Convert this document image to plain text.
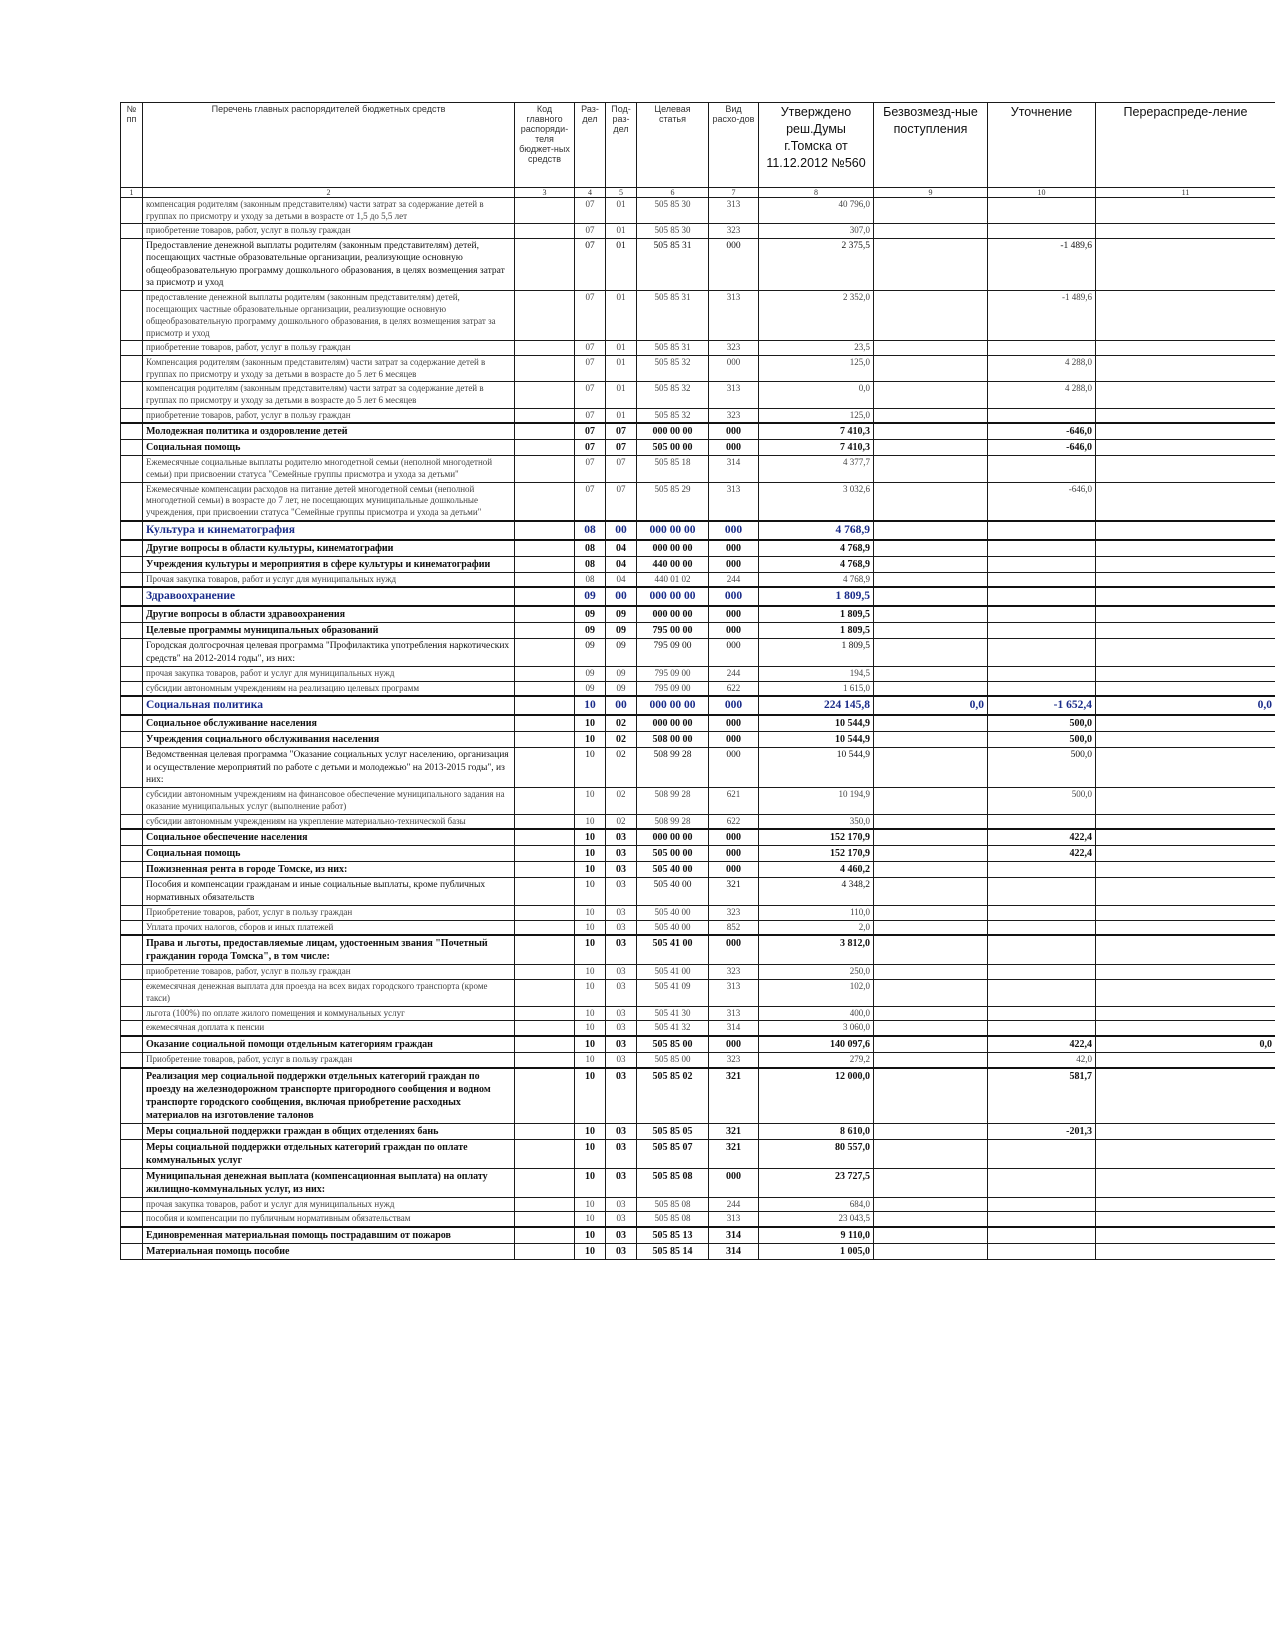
№ пп	Перечень главных распорядителей бюджетных средств	Код главного распоряди-теля бюджет-ных средств	Раз-дел	Под-раз-дел	Целевая статья	Вид расхо-дов	Утверждено реш.Думы г.Томска от 11.12.2012 №560	Безвозмезд-ные поступления	Уточнение	Перераспреде-ление
1	2	3	4	5	6	7	8	9	10	11
	компенсация родителям (законным представителям) части затрат за содержание детей в группах по присмотру и уходу за детьми в возрасте от 1,5 до 5,5 лет		07	01	505 85 30	313	40 796,0			
	приобретение товаров, работ, услуг в пользу граждан		07	01	505 85 30	323	307,0			
	Предоставление денежной выплаты родителям (законным представителям) детей, посещающих частные образовательные организации, реализующие основную общеобразовательную программу дошкольного образования, в целях возмещения затрат за присмотр и уход		07	01	505 85 31	000	2 375,5		-1 489,6	
	предоставление денежной выплаты родителям (законным представителям) детей, посещающих частные образовательные организации, реализующие основную общеобразовательную программу дошкольного образования, в целях возмещения затрат за присмотр и уход		07	01	505 85 31	313	2 352,0		-1 489,6	
	приобретение товаров, работ, услуг в пользу граждан		07	01	505 85 31	323	23,5			
	Компенсация родителям (законным представителям) части затрат за содержание детей в группах по присмотру и уходу за детьми в возрасте до 5 лет 6 месяцев		07	01	505 85 32	000	125,0		4 288,0	
	компенсация родителям (законным представителям) части затрат за содержание детей в группах по присмотру и уходу за детьми в возрасте до 5 лет 6 месяцев		07	01	505 85 32	313	0,0		4 288,0	
	приобретение товаров, работ, услуг в пользу граждан		07	01	505 85 32	323	125,0			
	Молодежная политика и оздоровление детей		07	07	000 00 00	000	7 410,3		-646,0	
	Социальная помощь		07	07	505 00 00	000	7 410,3		-646,0	
	Ежемесячные социальные выплаты родителю многодетной семьи (неполной многодетной семьи) при присвоении статуса "Семейные группы присмотра и ухода за детьми"		07	07	505 85 18	314	4 377,7			
	Ежемесячные компенсации расходов на питание детей многодетной семьи (неполной многодетной семьи) в возрасте до 7 лет, не посещающих муниципальные дошкольные учреждения, при присвоении статуса "Семейные группы присмотра и ухода за детьми"		07	07	505 85 29	313	3 032,6		-646,0	
	Культура и кинематография		08	00	000 00 00	000	4 768,9			
	Другие вопросы в области культуры, кинематографии		08	04	000 00 00	000	4 768,9			
	Учреждения культуры и мероприятия в сфере культуры и кинематографии		08	04	440 00 00	000	4 768,9			
	Прочая закупка товаров, работ и услуг для муниципальных нужд		08	04	440 01 02	244	4 768,9			
	Здравоохранение		09	00	000 00 00	000	1 809,5			
	Другие вопросы в области здравоохранения		09	09	000 00 00	000	1 809,5			
	Целевые программы муниципальных образований		09	09	795 00 00	000	1 809,5			
	Городская долгосрочная целевая программа "Профилактика употребления наркотических средств" на 2012-2014 годы", из них:		09	09	795 09 00	000	1 809,5			
	прочая закупка товаров, работ и услуг для муниципальных нужд		09	09	795 09 00	244	194,5			
	субсидии автономным учреждениям на реализацию целевых программ		09	09	795 09 00	622	1 615,0			
	Социальная политика		10	00	000 00 00	000	224 145,8	0,0	-1 652,4	0,0
	Социальное обслуживание населения		10	02	000 00 00	000	10 544,9		500,0	
	Учреждения социального обслуживания населения		10	02	508 00 00	000	10 544,9		500,0	
	Ведомственная целевая программа "Оказание социальных услуг населению, организация и осуществление мероприятий по работе с детьми и молодежью" на 2013-2015 годы", из них:		10	02	508 99 28	000	10 544,9		500,0	
	субсидии автономным учреждениям на финансовое обеспечение муниципального задания на оказание муниципальных услуг (выполнение работ)		10	02	508 99 28	621	10 194,9		500,0	
	субсидии автономным учреждениям на укрепление материально-технической базы		10	02	508 99 28	622	350,0			
	Социальное обеспечение населения		10	03	000 00 00	000	152 170,9		422,4	
	Социальная помощь		10	03	505 00 00	000	152 170,9		422,4	
	Пожизненная рента в городе Томске, из них:		10	03	505 40 00	000	4 460,2			
	Пособия и компенсации гражданам и иные социальные выплаты, кроме публичных нормативных обязательств		10	03	505 40 00	321	4 348,2			
	Приобретение товаров, работ, услуг в пользу граждан		10	03	505 40 00	323	110,0			
	Уплата прочих налогов, сборов и иных платежей		10	03	505 40 00	852	2,0			
	Права и льготы, предоставляемые лицам, удостоенным звания "Почетный гражданин города Томска", в том числе:		10	03	505 41 00	000	3 812,0			
	приобретение товаров, работ, услуг в пользу граждан		10	03	505 41 00	323	250,0			
	ежемесячная денежная выплата для проезда на всех видах городского транспорта (кроме такси)		10	03	505 41 09	313	102,0			
	льгота (100%) по оплате жилого помещения и коммунальных услуг		10	03	505 41 30	313	400,0			
	ежемесячная доплата к пенсии		10	03	505 41 32	314	3 060,0			
	Оказание социальной помощи отдельным категориям граждан		10	03	505 85 00	000	140 097,6		422,4	0,0
	Приобретение товаров, работ, услуг в пользу граждан		10	03	505 85 00	323	279,2		42,0	
	Реализация мер социальной поддержки отдельных категорий граждан по проезду на железнодорожном транспорте пригородного сообщения и водном транспорте городского сообщения, включая приобретение расходных материалов на изготовление талонов		10	03	505 85 02	321	12 000,0		581,7	
	Меры социальной поддержки граждан в общих отделениях бань		10	03	505 85 05	321	8 610,0		-201,3	
	Меры социальной поддержки отдельных категорий граждан по оплате коммунальных услуг		10	03	505 85 07	321	80 557,0			
	Муниципальная денежная выплата (компенсационная выплата) на оплату жилищно-коммунальных услуг, из них:		10	03	505 85 08	000	23 727,5			
	прочая закупка товаров, работ и услуг для муниципальных нужд		10	03	505 85 08	244	684,0			
	пособия и компенсации по публичным нормативным обязательствам		10	03	505 85 08	313	23 043,5			
	Единовременная материальная помощь пострадавшим от пожаров		10	03	505 85 13	314	9 110,0			
	Материальная помощь пособие		10	03	505 85 14	314	1 005,0			
